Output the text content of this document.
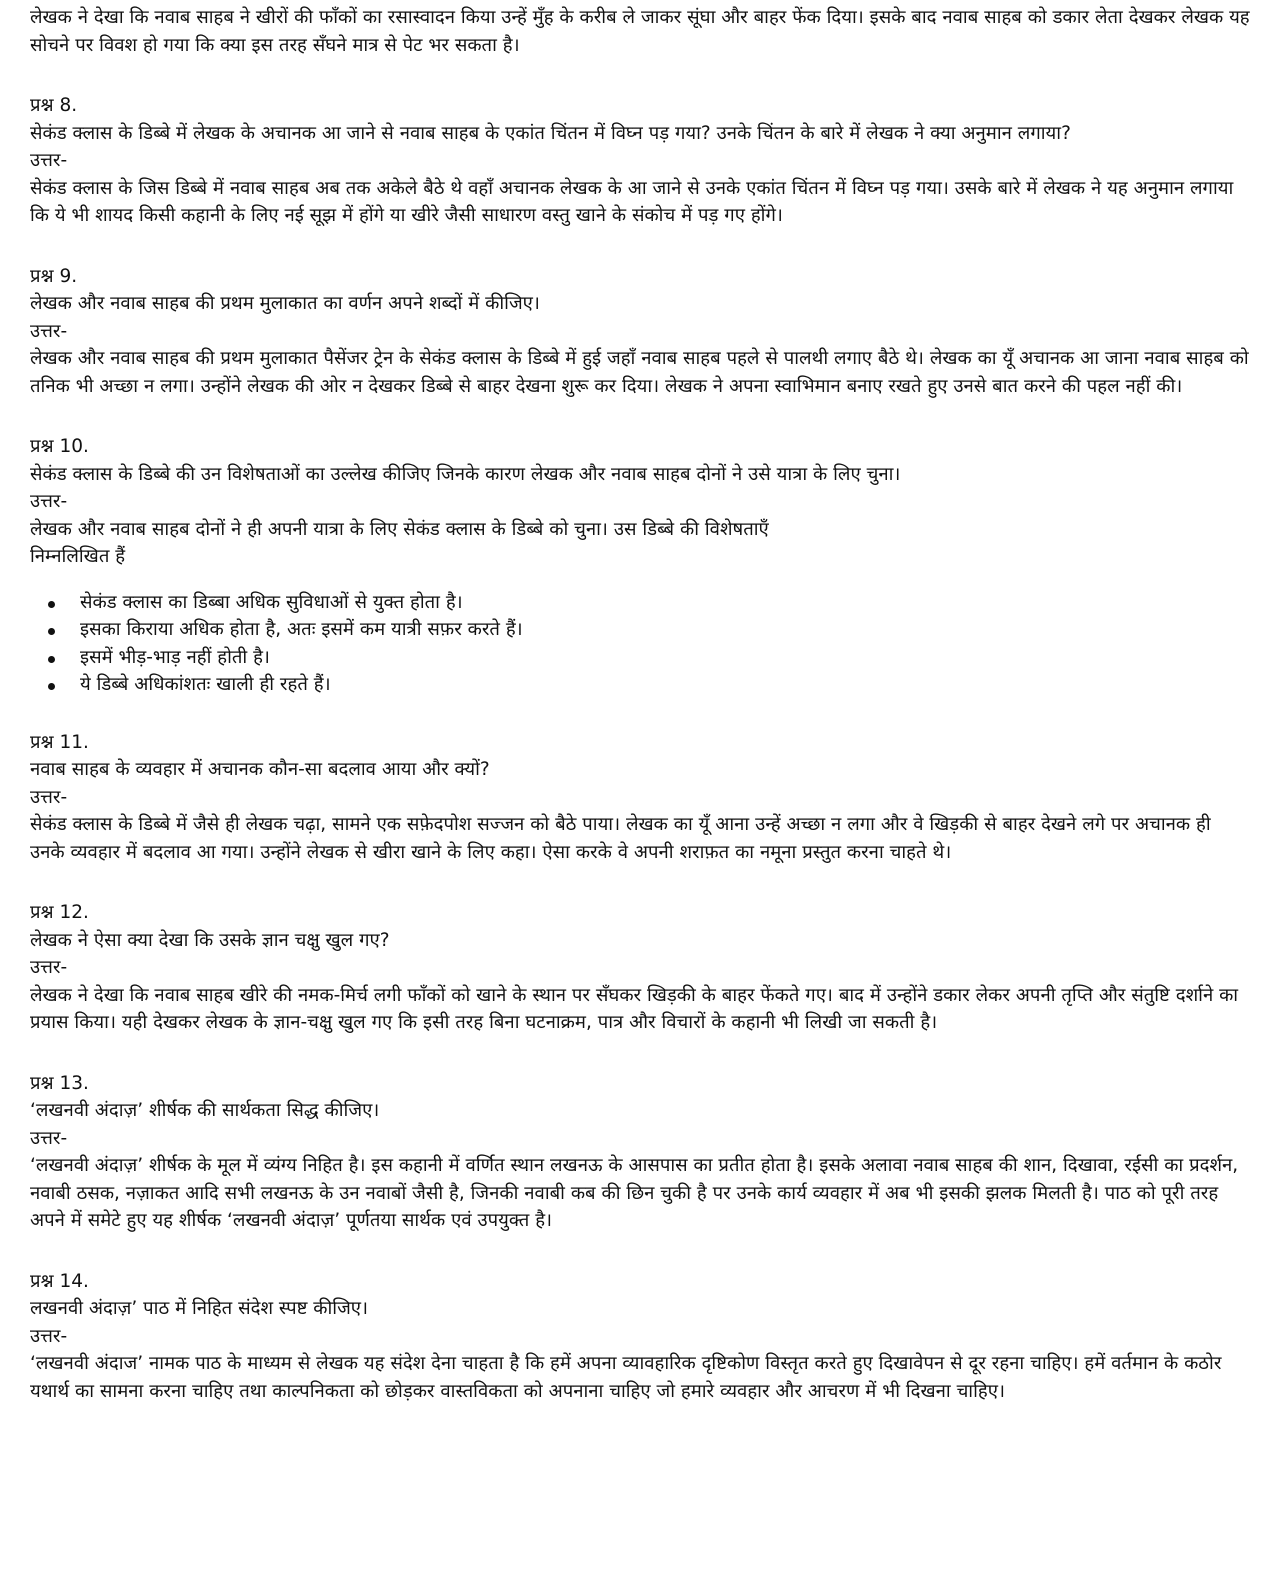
लेखक ने देखा कि नवाब साहब ने खीरों की फाँकों का रसास्वादन किया उन्हें मुँह के करीब ले जाकर सूंघा और बाहर फेंक दिया। इसके बाद नवाब साहब को डकार लेता देखकर लेखक यह सोचने पर विवश हो गया कि क्या इस तरह सँघने मात्र से पेट भर सकता है।

प्रश्न 8.

सेकंड क्लास के डिब्बे में लेखक के अचानक आ जाने से नवाब साहब के एकांत चिंतन में विघ्न पड़ गया? उनके चिंतन के बारे में लेखक ने क्या अनुमान लगाया?

उत्तर-

सेकंड क्लास के जिस डिब्बे में नवाब साहब अब तक अकेले बैठे थे वहाँ अचानक लेखक के आ जाने से उनके एकांत चिंतन में विघ्न पड़ गया। उसके बारे में लेखक ने यह अनुमान लगाया कि ये भी शायद किसी कहानी के लिए नई सूझ में होंगे या खीरे जैसी साधारण वस्तु खाने के संकोच में पड़ गए होंगे।

प्रश्न 9.

लेखक और नवाब साहब की प्रथम मुलाकात का वर्णन अपने शब्दों में कीजिए।

उत्तर-

लेखक और नवाब साहब की प्रथम मुलाकात पैसेंजर ट्रेन के सेकंड क्लास के डिब्बे में हुई जहाँ नवाब साहब पहले से पालथी लगाए बैठे थे। लेखक का यूँ अचानक आ जाना नवाब साहब को तनिक भी अच्छा न लगा। उन्होंने लेखक की ओर न देखकर डिब्बे से बाहर देखना शुरू कर दिया। लेखक ने अपना स्वाभिमान बनाए रखते हुए उनसे बात करने की पहल नहीं की।

प्रश्न 10.

सेकंड क्लास के डिब्बे की उन विशेषताओं का उल्लेख कीजिए जिनके कारण लेखक और नवाब साहब दोनों ने उसे यात्रा के लिए चुना।

उत्तर-

लेखक और नवाब साहब दोनों ने ही अपनी यात्रा के लिए सेकंड क्लास के डिब्बे को चुना। उस डिब्बे की विशेषताएँ

निम्नलिखित हैं

सेकंड क्लास का डिब्बा अधिक सुविधाओं से युक्त होता है।
इसका किराया अधिक होता है, अतः इसमें कम यात्री सफ़र करते हैं।
इसमें भीड़-भाड़ नहीं होती है।
ये डिब्बे अधिकांशतः खाली ही रहते हैं।

प्रश्न 11.

नवाब साहब के व्यवहार में अचानक कौन-सा बदलाव आया और क्यों?

उत्तर-

सेकंड क्लास के डिब्बे में जैसे ही लेखक चढ़ा, सामने एक सफ़ेदपोश सज्जन को बैठे पाया। लेखक का यूँ आना उन्हें अच्छा न लगा और वे खिड़की से बाहर देखने लगे पर अचानक ही उनके व्यवहार में बदलाव आ गया। उन्होंने लेखक से खीरा खाने के लिए कहा। ऐसा करके वे अपनी शराफ़त का नमूना प्रस्तुत करना चाहते थे।

प्रश्न 12.

लेखक ने ऐसा क्या देखा कि उसके ज्ञान चक्षु खुल गए?

उत्तर-

लेखक ने देखा कि नवाब साहब खीरे की नमक-मिर्च लगी फाँकों को खाने के स्थान पर सँघकर खिड़की के बाहर फेंकते गए। बाद में उन्होंने डकार लेकर अपनी तृप्ति और संतुष्टि दर्शाने का प्रयास किया। यही देखकर लेखक के ज्ञान-चक्षु खुल गए कि इसी तरह बिना घटनाक्रम, पात्र और विचारों के कहानी भी लिखी जा सकती है।

प्रश्न 13.

‘लखनवी अंदाज़’ शीर्षक की सार्थकता सिद्ध कीजिए।

उत्तर-

‘लखनवी अंदाज़’ शीर्षक के मूल में व्यंग्य निहित है। इस कहानी में वर्णित स्थान लखनऊ के आसपास का प्रतीत होता है। इसके अलावा नवाब साहब की शान, दिखावा, रईसी का प्रदर्शन, नवाबी ठसक, नज़ाकत आदि सभी लखनऊ के उन नवाबों जैसी है, जिनकी नवाबी कब की छिन चुकी है पर उनके कार्य व्यवहार में अब भी इसकी झलक मिलती है। पाठ को पूरी तरह अपने में समेटे हुए यह शीर्षक ‘लखनवी अंदाज़’ पूर्णतया सार्थक एवं उपयुक्त है।

प्रश्न 14.

लखनवी अंदाज़’ पाठ में निहित संदेश स्पष्ट कीजिए।

उत्तर-

‘लखनवी अंदाज’ नामक पाठ के माध्यम से लेखक यह संदेश देना चाहता है कि हमें अपना व्यावहारिक दृष्टिकोण विस्तृत करते हुए दिखावेपन से दूर रहना चाहिए। हमें वर्तमान के कठोर यथार्थ का सामना करना चाहिए तथा काल्पनिकता को छोड़कर वास्तविकता को अपनाना चाहिए जो हमारे व्यवहार और आचरण में भी दिखना चाहिए।
